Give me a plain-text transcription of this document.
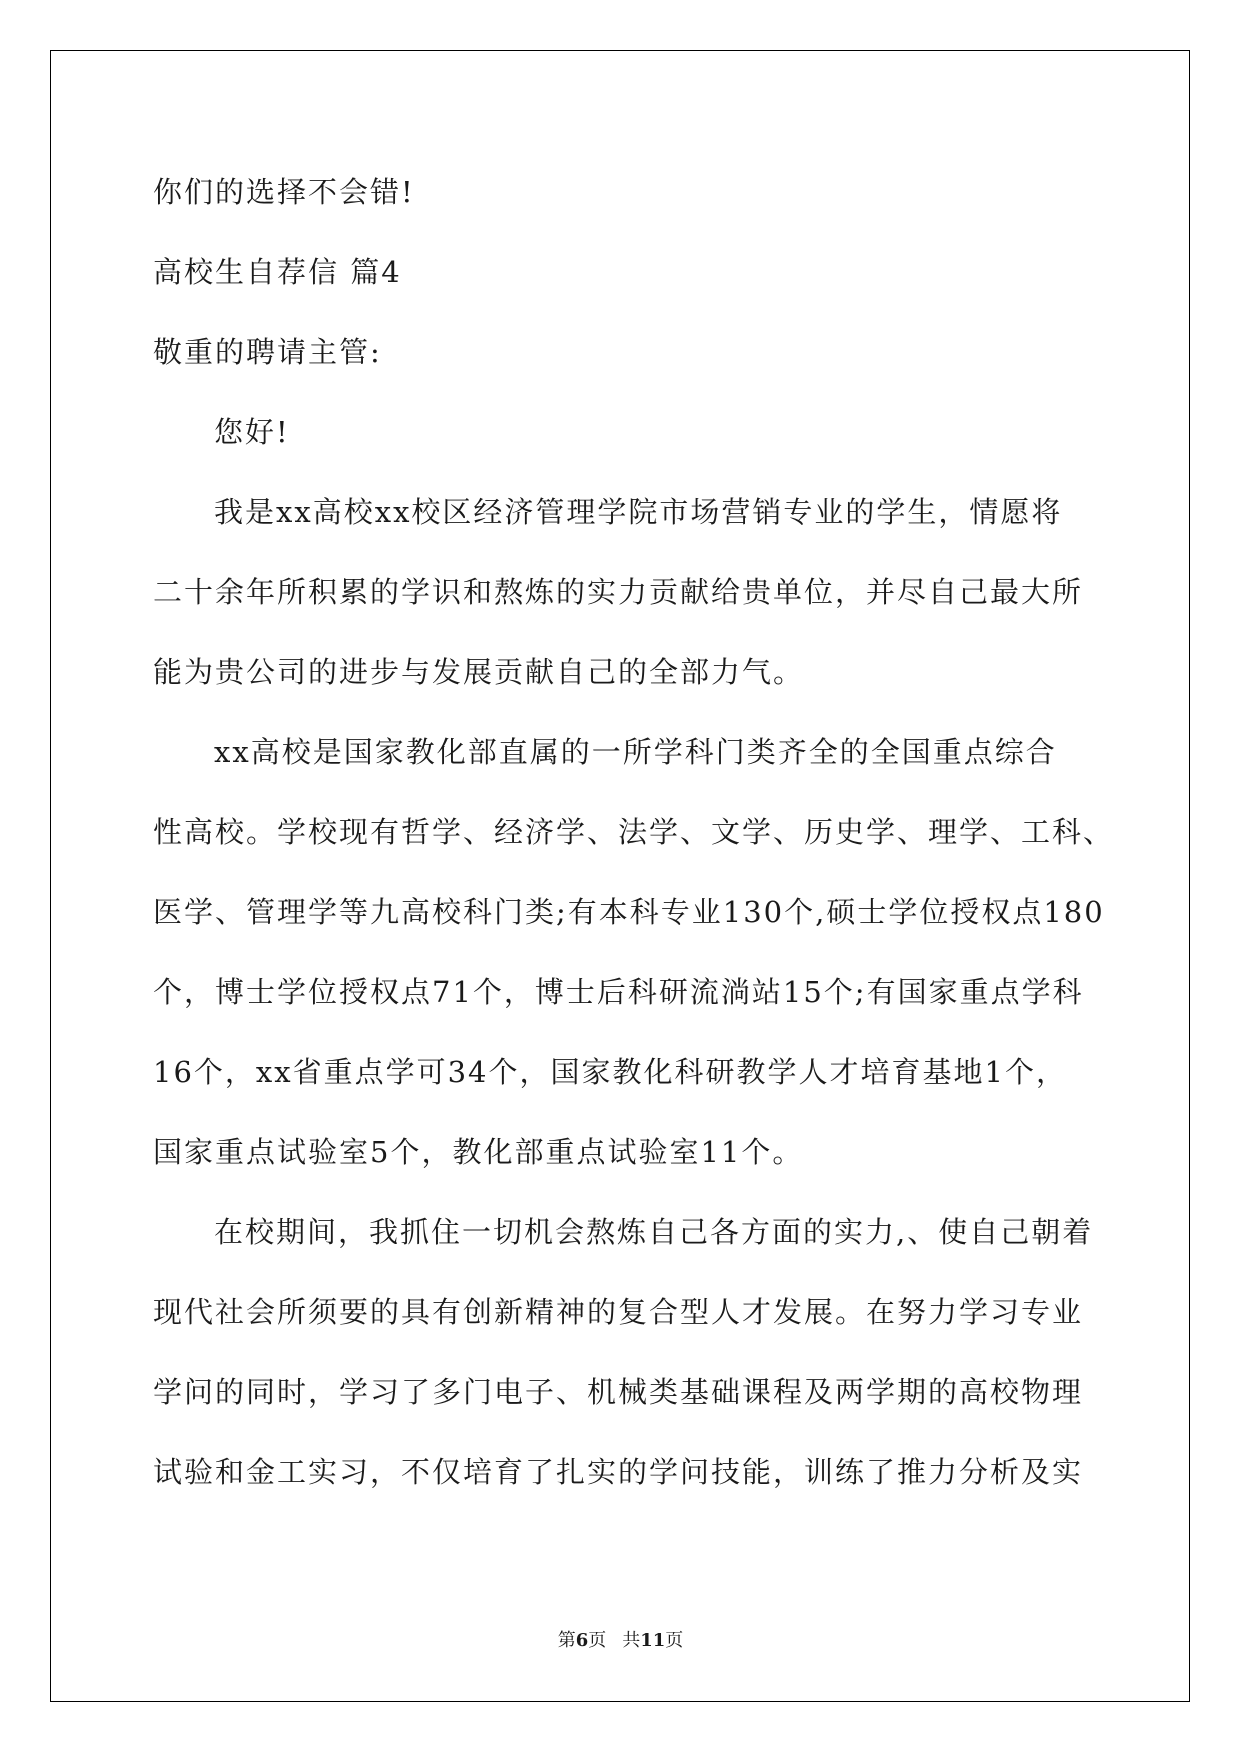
你们的选择不会错!
高校生自荐信 篇4
敬重的聘请主管:
您好!
我是xx高校xx校区经济管理学院市场营销专业的学生，情愿将
二十余年所积累的学识和熬炼的实力贡献给贵单位，并尽自己最大所
能为贵公司的进步与发展贡献自己的全部力气。
xx高校是国家教化部直属的一所学科门类齐全的全国重点综合
性高校。学校现有哲学、经济学、法学、文学、历史学、理学、工科、
医学、管理学等九高校科门类;有本科专业130个,硕士学位授权点180
个，博士学位授权点71个，博士后科研流淌站15个;有国家重点学科
16个，xx省重点学可34个，国家教化科研教学人才培育基地1个，
国家重点试验室5个，教化部重点试验室11个。
在校期间，我抓住一切机会熬炼自己各方面的实力,、使自己朝着
现代社会所须要的具有创新精神的复合型人才发展。在努力学习专业
学问的同时，学习了多门电子、机械类基础课程及两学期的高校物理
试验和金工实习，不仅培育了扎实的学问技能，训练了推力分析及实
第6页 共11页
